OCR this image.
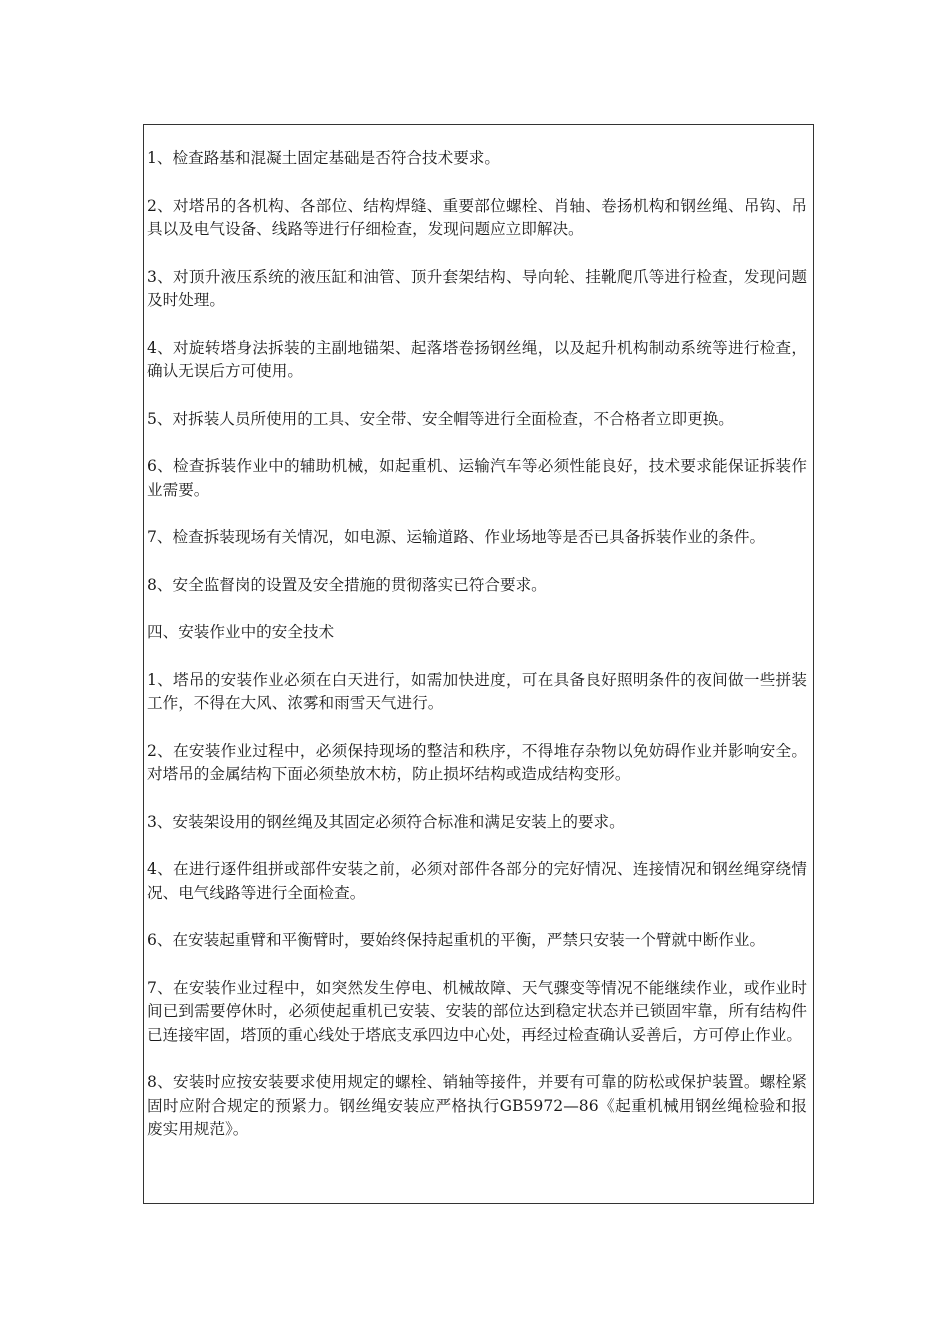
1、检查路基和混凝土固定基础是否符合技术要求。

2、对塔吊的各机构、各部位、结构焊缝、重要部位螺栓、肖轴、卷扬机构和钢丝绳、吊钩、吊具以及电气设备、线路等进行仔细检查，发现问题应立即解决。

3、对顶升液压系统的液压缸和油管、顶升套架结构、导向轮、挂靴爬爪等进行检查，发现问题及时处理。

4、对旋转塔身法拆装的主副地锚架、起落塔卷扬钢丝绳，以及起升机构制动系统等进行检查，确认无误后方可使用。

5、对拆装人员所使用的工具、安全带、安全帽等进行全面检查，不合格者立即更换。

6、检查拆装作业中的辅助机械，如起重机、运输汽车等必须性能良好，技术要求能保证拆装作业需要。

7、检查拆装现场有关情况，如电源、运输道路、作业场地等是否已具备拆装作业的条件。

8、安全监督岗的设置及安全措施的贯彻落实已符合要求。

四、安装作业中的安全技术

1、塔吊的安装作业必须在白天进行，如需加快进度，可在具备良好照明条件的夜间做一些拼装工作，不得在大风、浓雾和雨雪天气进行。

2、在安装作业过程中，必须保持现场的整洁和秩序，不得堆存杂物以免妨碍作业并影响安全。对塔吊的金属结构下面必须垫放木枋，防止损坏结构或造成结构变形。

3、安装架设用的钢丝绳及其固定必须符合标准和满足安装上的要求。

4、在进行逐件组拼或部件安装之前，必须对部件各部分的完好情况、连接情况和钢丝绳穿绕情况、电气线路等进行全面检查。

6、在安装起重臂和平衡臂时，要始终保持起重机的平衡，严禁只安装一个臂就中断作业。

7、在安装作业过程中，如突然发生停电、机械故障、天气骤变等情况不能继续作业，或作业时间已到需要停休时，必须使起重机已安装、安装的部位达到稳定状态并已锁固牢靠，所有结构件已连接牢固，塔顶的重心线处于塔底支承四边中心处，再经过检查确认妥善后，方可停止作业。

8、安装时应按安装要求使用规定的螺栓、销轴等接件，并要有可靠的防松或保护装置。螺栓紧固时应附合规定的预紧力。钢丝绳安装应严格执行GB5972—86《起重机械用钢丝绳检验和报废实用规范》。
